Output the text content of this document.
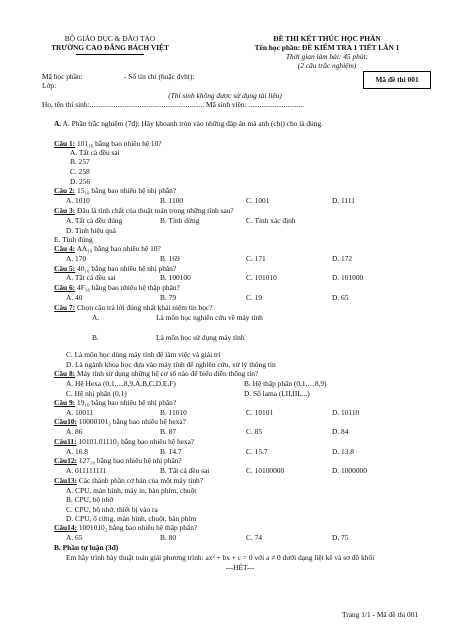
BỘ GIÁO DỤC & ĐÀO TẠO
TRƯỜNG CAO ĐẲNG BÁCH VIỆT
ĐỀ THI KẾT THÚC HỌC PHẦN
Tên học phần: ĐỀ KIỂM TRA 1 TIẾT LẦN 1
Thời gian làm bài: 45 phút;
(2 câu trắc nghiệm)
Mã đề thi 001
Mã học phần:	- Số tín chỉ (hoặc đvht):
Lớp:
(Thí sinh không được sử dụng tài liệu)
Họ, tên thí sinh:.............................................................. Mã sinh viên: ..............................
A. A. Phần trắc nghiệm (7đ): Hãy khoanh tròn vào những đáp án mà anh (chị) cho là đúng.
Câu 1: 101₁₆ bằng bao nhiêu hệ 10?
A. Tất cả đều sai
B. 257
C. 258
D. 256
Câu 2: 15₁₀ bằng bao nhiêu hệ nhị phân?
A. 1010	B. 1100	C. 1001	D. 1111
Câu 3: Đâu là tính chất của thuật toán trong những tính sau?
A. Tất cả đều đúng	B. Tính dừng	C. Tính xác định
D. Tính hiệu quả
E. Tính đúng
Câu 4: AA₁₆ bằng bao nhiêu hệ 10?
A. 170	B. 169	C. 171	D. 172
Câu 5: 40₁₀ bằng bao nhiêu hệ nhị phân?
A. Tất cả đều sai	B. 100100	C. 101010	D. 101000
Câu 6: 4F₁₆ bằng bao nhiêu hệ thập phân?
A. 40	B. 79	C. 19	D. 65
Câu 7: Chọn câu trả lời đúng nhất khái niệm tin học?
A.	Là môn học nghiên cứu về máy tính
B.	Là môn học sử dụng máy tính
C. Là môn học dùng máy tính để làm việc và giải trí
D. Là ngành khoa học dựa vào máy tính để nghiên cứu, xử lý thông tin
Câu 8: Máy tính sử dụng những hệ cơ số nào để biểu diễn thông tin?
A. Hệ Hexa (0,1,...,8,9,A,B,C,D,E,F)	B. Hệ thập phân (0,1,...,8,9)
C. Hệ nhị phân (0,1)	D. Số lama (I,II,III,...)
Câu 9: 19₁₀ bằng bao nhiêu hệ nhị phân?
A. 10011	B. 11010	C. 10101	D. 10110
Câu10: 10000101₂ bằng bao nhiêu hệ hexa?
A. 86	B. 87	C. 85	D. 84
Câu11: 10101.01110₂ bằng bao nhiêu hệ hexa?
A. 16.8	B. 14.7	C. 15.7	D. 13.8
Câu12: 127₁₀ bằng bao nhiêu hệ nhị phân?
A. 011111111	B. Tất cả đều sai	C. 10100000	D. 1000000
Câu13: Các thành phần cơ bản của một máy tính?
A. CPU, màn hình, máy in, bàn phím, chuột
B. CPU, bộ nhớ
C. CPU, bộ nhớ, thiết bị vào ra
D. CPU, ổ cứng, màn hình, chuột, bàn phím
Câu14: 1001010₂ bằng bao nhiêu hệ thập phân?
A. 65	B. 80	C. 74	D. 75
B. Phần tự luận (3đ)
Em hãy trình bày thuật toán giải phương trình: ax² + bx + c = 0 với a ≠ 0 dưới dạng liệt kê và sơ đồ khối
---HẾT---
Trang 1/1 - Mã đề thi 001
